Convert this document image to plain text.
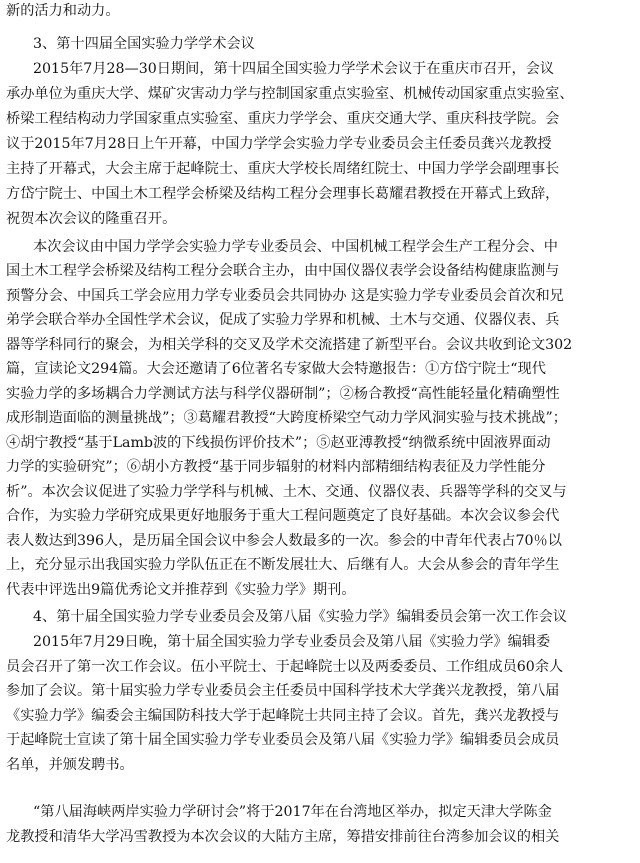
新的活力和动力。
3、第十四届全国实验力学学术会议
2015年7月28—30日期间，第十四届全国实验力学学术会议于在重庆市召开，会议
承办单位为重庆大学、煤矿灾害动力学与控制国家重点实验室、机械传动国家重点实验室、
桥梁工程结构动力学国家重点实验室、重庆力学学会、重庆交通大学、重庆科技学院。会
议于2015年7月28日上午开幕，中国力学学会实验力学专业委员会主任委员龚兴龙教授
主持了开幕式，大会主席于起峰院士、重庆大学校长周绪红院士、中国力学学会副理事长
方岱宁院士、中国土木工程学会桥梁及结构工程分会理事长葛耀君教授在开幕式上致辞，
祝贺本次会议的隆重召开。
本次会议由中国力学学会实验力学专业委员会、中国机械工程学会生产工程分会、中
国土木工程学会桥梁及结构工程分会联合主办，由中国仪器仪表学会设备结构健康监测与
预警分会、中国兵工学会应用力学专业委员会共同协办 这是实验力学专业委员会首次和兄
弟学会联合举办全国性学术会议，促成了实验力学界和机械、土木与交通、仪器仪表、兵
器等学科同行的聚会，为相关学科的交叉及学术交流搭建了新型平台。会议共收到论文302
篇，宣读论文294篇。大会还邀请了6位著名专家做大会特邀报告：①方岱宁院士“现代
实验力学的多场耦合力学测试方法与科学仪器研制”；②杨合教授“高性能轻量化精确塑性
成形制造面临的测量挑战”；③葛耀君教授“大跨度桥梁空气动力学风洞实验与技术挑战”；
④胡宁教授“基于Lamb波的下线损伤评价技术”；⑤赵亚溥教授“纳微系统中固液界面动
力学的实验研究”；⑥胡小方教授“基于同步辐射的材料内部精细结构表征及力学性能分
析”。本次会议促进了实验力学学科与机械、土木、交通、仪器仪表、兵器等学科的交叉与
合作，为实验力学研究成果更好地服务于重大工程问题奠定了良好基础。本次会议参会代
表人数达到396人，是历届全国会议中参会人数最多的一次。参会的中青年代表占70％以
上，充分显示出我国实验力学队伍正在不断发展壮大、后继有人。大会从参会的青年学生
代表中评选出9篇优秀论文并推荐到《实验力学》期刊。
4、第十届全国实验力学专业委员会及第八届《实验力学》编辑委员会第一次工作会议
2015年7月29日晚，第十届全国实验力学专业委员会及第八届《实验力学》编辑委
员会召开了第一次工作会议。伍小平院士、于起峰院士以及两委委员、工作组成员60余人
参加了会议。第十届实验力学专业委员会主任委员中国科学技术大学龚兴龙教授，第八届
《实验力学》编委会主编国防科技大学于起峰院士共同主持了会议。首先，龚兴龙教授与
于起峰院士宣读了第十届全国实验力学专业委员会及第八届《实验力学》编辑委员会成员
名单，并颁发聘书。
“第八届海峡两岸实验力学研讨会”将于2017年在台湾地区举办，拟定天津大学陈金
龙教授和清华大学冯雪教授为本次会议的大陆方主席，筹措安排前往台湾参加会议的相关
